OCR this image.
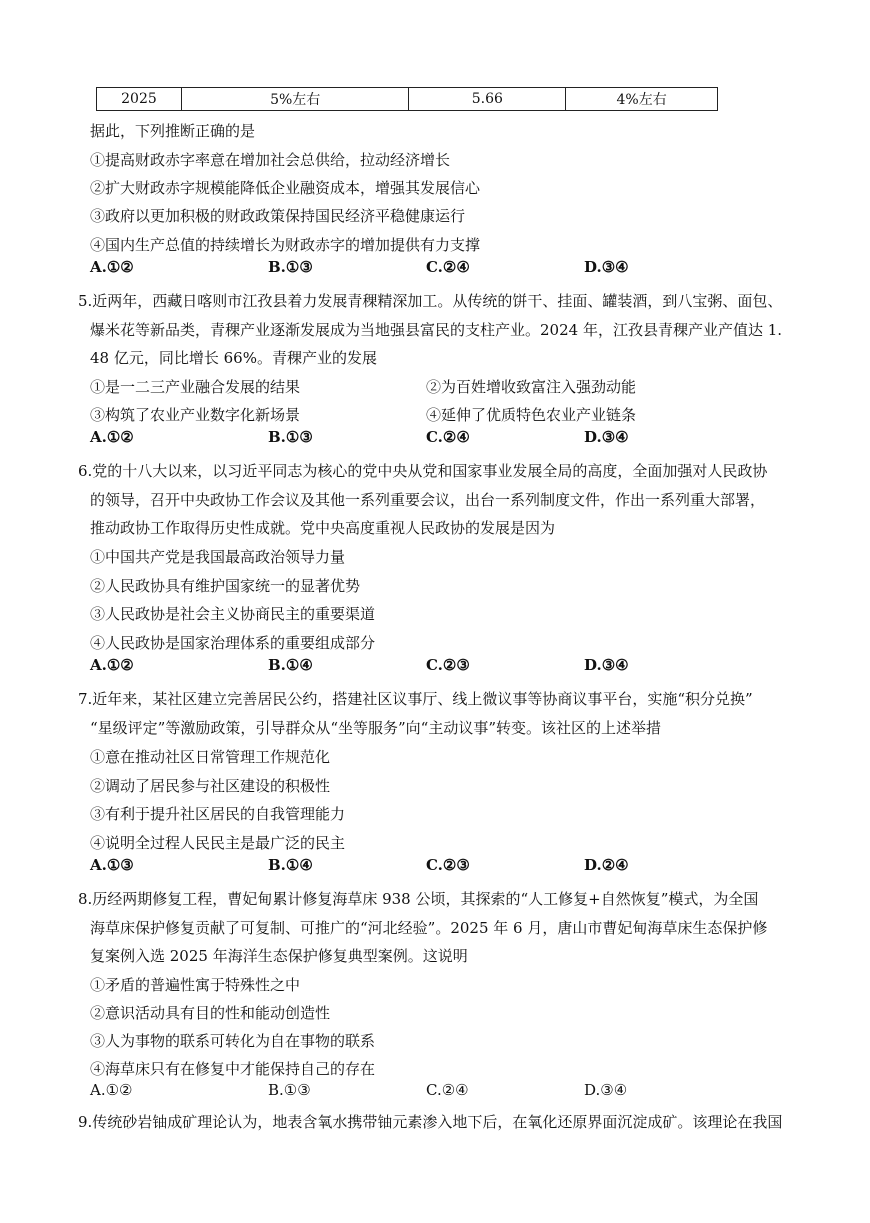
2025	5%左右	5.66	4%左右
据此，下列推断正确的是
①提高财政赤字率意在增加社会总供给，拉动经济增长
②扩大财政赤字规模能降低企业融资成本，增强其发展信心
③政府以更加积极的财政政策保持国民经济平稳健康运行
④国内生产总值的持续增长为财政赤字的增加提供有力支撑
A.①②	B.①③	C.②④	D.③④
5.近两年，西藏日喀则市江孜县着力发展青稞精深加工。从传统的饼干、挂面、罐装酒，到八宝粥、面包、
爆米花等新品类，青稞产业逐渐发展成为当地强县富民的支柱产业。2024 年，江孜县青稞产业产值达 1.
48 亿元，同比增长 66%。青稞产业的发展
①是一二三产业融合发展的结果	②为百姓增收致富注入强劲动能
③构筑了农业产业数字化新场景	④延伸了优质特色农业产业链条
A.①②	B.①③	C.②④	D.③④
6.党的十八大以来，以习近平同志为核心的党中央从党和国家事业发展全局的高度，全面加强对人民政协
的领导，召开中央政协工作会议及其他一系列重要会议，出台一系列制度文件，作出一系列重大部署，
推动政协工作取得历史性成就。党中央高度重视人民政协的发展是因为
①中国共产党是我国最高政治领导力量
②人民政协具有维护国家统一的显著优势
③人民政协是社会主义协商民主的重要渠道
④人民政协是国家治理体系的重要组成部分
A.①②	B.①④	C.②③	D.③④
7.近年来，某社区建立完善居民公约，搭建社区议事厅、线上微议事等协商议事平台，实施“积分兑换”
“星级评定”等激励政策，引导群众从“坐等服务”向“主动议事”转变。该社区的上述举措
①意在推动社区日常管理工作规范化
②调动了居民参与社区建设的积极性
③有利于提升社区居民的自我管理能力
④说明全过程人民民主是最广泛的民主
A.①③	B.①④	C.②③	D.②④
8.历经两期修复工程，曹妃甸累计修复海草床 938 公顷，其探索的“人工修复+自然恢复”模式，为全国
海草床保护修复贡献了可复制、可推广的“河北经验”。2025 年 6 月，唐山市曹妃甸海草床生态保护修
复案例入选 2025 年海洋生态保护修复典型案例。这说明
①矛盾的普遍性寓于特殊性之中
②意识活动具有目的性和能动创造性
③人为事物的联系可转化为自在事物的联系
④海草床只有在修复中才能保持自己的存在
A.①②	B.①③	C.②④	D.③④
9.传统砂岩铀成矿理论认为，地表含氧水携带铀元素渗入地下后，在氧化还原界面沉淀成矿。该理论在我国
